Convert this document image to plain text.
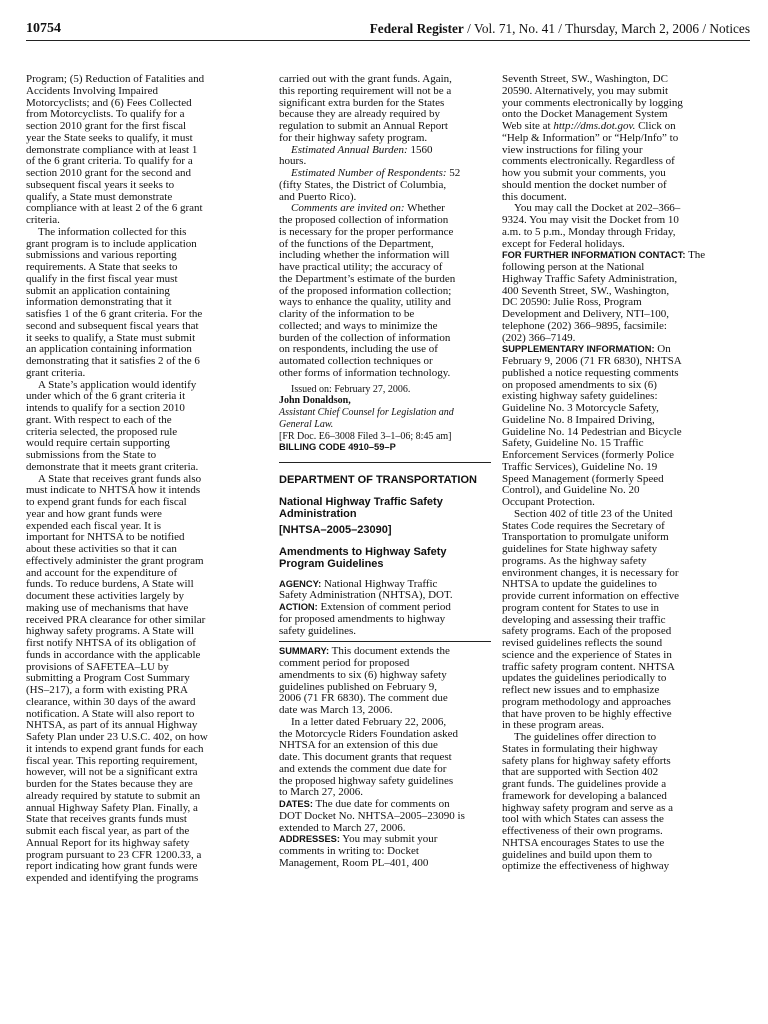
10754	Federal Register / Vol. 71, No. 41 / Thursday, March 2, 2006 / Notices
Program; (5) Reduction of Fatalities and
Accidents Involving Impaired
Motorcyclists; and (6) Fees Collected
from Motorcyclists. To qualify for a
section 2010 grant for the first fiscal
year the State seeks to qualify, it must
demonstrate compliance with at least 1
of the 6 grant criteria. To qualify for a
section 2010 grant for the second and
subsequent fiscal years it seeks to
qualify, a State must demonstrate
compliance with at least 2 of the 6 grant
criteria.
The information collected for this
grant program is to include application
submissions and various reporting
requirements. A State that seeks to
qualify in the first fiscal year must
submit an application containing
information demonstrating that it
satisfies 1 of the 6 grant criteria. For the
second and subsequent fiscal years that
it seeks to qualify, a State must submit
an application containing information
demonstrating that it satisfies 2 of the 6
grant criteria.
A State’s application would identify
under which of the 6 grant criteria it
intends to qualify for a section 2010
grant. With respect to each of the
criteria selected, the proposed rule
would require certain supporting
submissions from the State to
demonstrate that it meets grant criteria.
A State that receives grant funds also
must indicate to NHTSA how it intends
to expend grant funds for each fiscal
year and how grant funds were
expended each fiscal year. It is
important for NHTSA to be notified
about these activities so that it can
effectively administer the grant program
and account for the expenditure of
funds. To reduce burdens, A State will
document these activities largely by
making use of mechanisms that have
received PRA clearance for other similar
highway safety programs. A State will
first notify NHTSA of its obligation of
funds in accordance with the applicable
provisions of SAFETEA–LU by
submitting a Program Cost Summary
(HS–217), a form with existing PRA
clearance, within 30 days of the award
notification. A State will also report to
NHTSA, as part of its annual Highway
Safety Plan under 23 U.S.C. 402, on how
it intends to expend grant funds for each
fiscal year. This reporting requirement,
however, will not be a significant extra
burden for the States because they are
already required by statute to submit an
annual Highway Safety Plan. Finally, a
State that receives grants funds must
submit each fiscal year, as part of the
Annual Report for its highway safety
program pursuant to 23 CFR 1200.33, a
report indicating how grant funds were
expended and identifying the programs
carried out with the grant funds. Again,
this reporting requirement will not be a
significant extra burden for the States
because they are already required by
regulation to submit an Annual Report
for their highway safety program.
Estimated Annual Burden: 1560
hours.
Estimated Number of Respondents: 52
(fifty States, the District of Columbia,
and Puerto Rico).
Comments are invited on: Whether
the proposed collection of information
is necessary for the proper performance
of the functions of the Department,
including whether the information will
have practical utility; the accuracy of
the Department’s estimate of the burden
of the proposed information collection;
ways to enhance the quality, utility and
clarity of the information to be
collected; and ways to minimize the
burden of the collection of information
on respondents, including the use of
automated collection techniques or
other forms of information technology.
Issued on: February 27, 2006.
John Donaldson,
Assistant Chief Counsel for Legislation and
General Law.
[FR Doc. E6–3008 Filed 3–1–06; 8:45 am]
BILLING CODE 4910–59–P
DEPARTMENT OF TRANSPORTATION
National Highway Traffic Safety
Administration
[NHTSA–2005–23090]
Amendments to Highway Safety
Program Guidelines
AGENCY: National Highway Traffic
Safety Administration (NHTSA), DOT.
ACTION: Extension of comment period
for proposed amendments to highway
safety guidelines.
SUMMARY: This document extends the
comment period for proposed
amendments to six (6) highway safety
guidelines published on February 9,
2006 (71 FR 6830). The comment due
date was March 13, 2006.
In a letter dated February 22, 2006,
the Motorcycle Riders Foundation asked
NHTSA for an extension of this due
date. This document grants that request
and extends the comment due date for
the proposed highway safety guidelines
to March 27, 2006.
DATES: The due date for comments on
DOT Docket No. NHTSA–2005–23090 is
extended to March 27, 2006.
ADDRESSES: You may submit your
comments in writing to: Docket
Management, Room PL–401, 400
Seventh Street, SW., Washington, DC
20590. Alternatively, you may submit
your comments electronically by logging
onto the Docket Management System
Web site at http://dms.dot.gov. Click on
“Help & Information” or “Help/Info” to
view instructions for filing your
comments electronically. Regardless of
how you submit your comments, you
should mention the docket number of
this document.
You may call the Docket at 202–366–
9324. You may visit the Docket from 10
a.m. to 5 p.m., Monday through Friday,
except for Federal holidays.
FOR FURTHER INFORMATION CONTACT: The
following person at the National
Highway Traffic Safety Administration,
400 Seventh Street, SW., Washington,
DC 20590: Julie Ross, Program
Development and Delivery, NTI–100,
telephone (202) 366–9895, facsimile:
(202) 366–7149.
SUPPLEMENTARY INFORMATION: On
February 9, 2006 (71 FR 6830), NHTSA
published a notice requesting comments
on proposed amendments to six (6)
existing highway safety guidelines:
Guideline No. 3 Motorcycle Safety,
Guideline No. 8 Impaired Driving,
Guideline No. 14 Pedestrian and Bicycle
Safety, Guideline No. 15 Traffic
Enforcement Services (formerly Police
Traffic Services), Guideline No. 19
Speed Management (formerly Speed
Control), and Guideline No. 20
Occupant Protection.
Section 402 of title 23 of the United
States Code requires the Secretary of
Transportation to promulgate uniform
guidelines for State highway safety
programs. As the highway safety
environment changes, it is necessary for
NHTSA to update the guidelines to
provide current information on effective
program content for States to use in
developing and assessing their traffic
safety programs. Each of the proposed
revised guidelines reflects the sound
science and the experience of States in
traffic safety program content. NHTSA
updates the guidelines periodically to
reflect new issues and to emphasize
program methodology and approaches
that have proven to be highly effective
in these program areas.
The guidelines offer direction to
States in formulating their highway
safety plans for highway safety efforts
that are supported with Section 402
grant funds. The guidelines provide a
framework for developing a balanced
highway safety program and serve as a
tool with which States can assess the
effectiveness of their own programs.
NHTSA encourages States to use the
guidelines and build upon them to
optimize the effectiveness of highway
